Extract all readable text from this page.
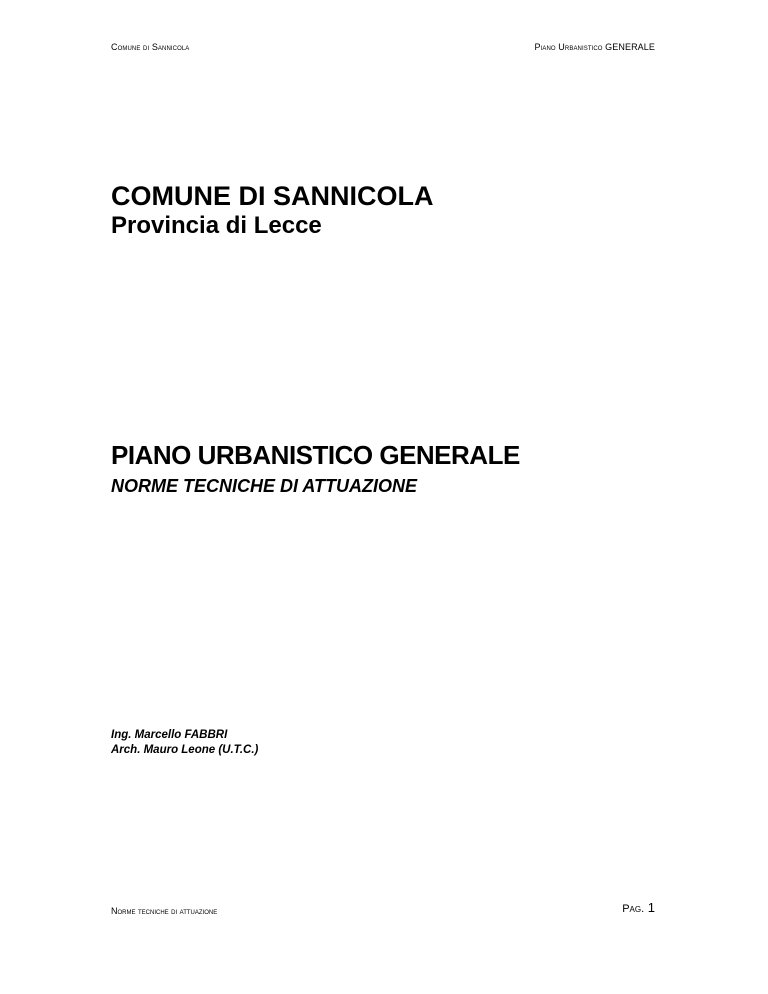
Comune di Sannicola	Piano Urbanistico GENERALE
COMUNE DI SANNICOLA
Provincia di Lecce
PIANO URBANISTICO GENERALE
NORME TECNICHE DI ATTUAZIONE
Ing. Marcello FABBRI
Arch. Mauro Leone (U.T.C.)
Norme tecniche di attuazione	Pag. 1
